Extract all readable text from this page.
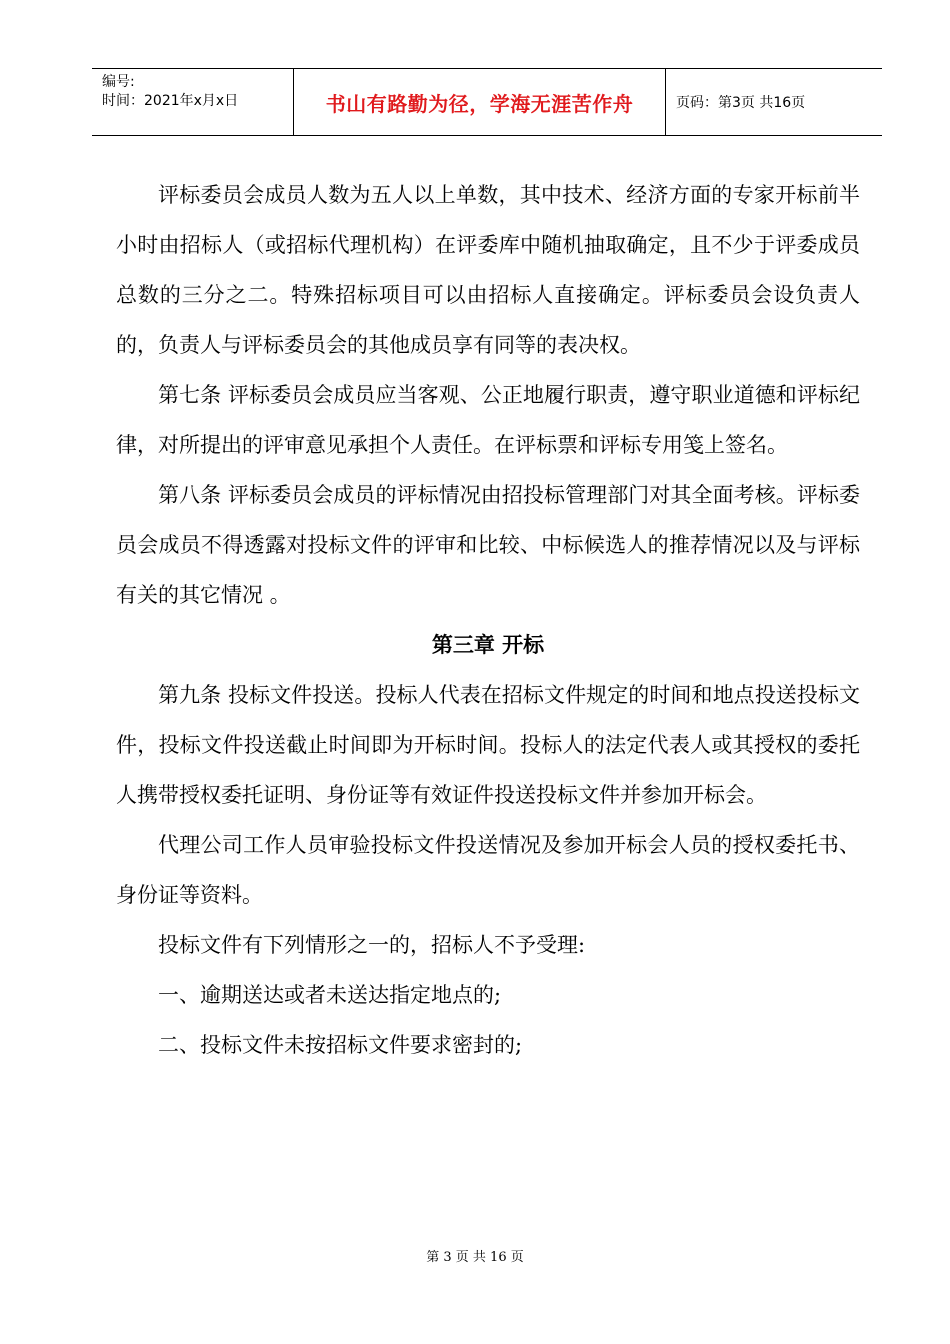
编号:
时间：2021年x月x日	书山有路勤为径，学海无涯苦作舟	页码：第3页 共16页

评标委员会成员人数为五人以上单数，其中技术、经济方面的专家开标前半小时由招标人（或招标代理机构）在评委库中随机抽取确定，且不少于评委成员总数的三分之二。特殊招标项目可以由招标人直接确定。评标委员会设负责人的，负责人与评标委员会的其他成员享有同等的表决权。

第七条 评标委员会成员应当客观、公正地履行职责，遵守职业道德和评标纪律，对所提出的评审意见承担个人责任。在评标票和评标专用笺上签名。

第八条 评标委员会成员的评标情况由招投标管理部门对其全面考核。评标委员会成员不得透露对投标文件的评审和比较、中标候选人的推荐情况以及与评标有关的其它情况 。

第三章 开标

第九条 投标文件投送。投标人代表在招标文件规定的时间和地点投送投标文件，投标文件投送截止时间即为开标时间。投标人的法定代表人或其授权的委托人携带授权委托证明、身份证等有效证件投送投标文件并参加开标会。

代理公司工作人员审验投标文件投送情况及参加开标会人员的授权委托书、身份证等资料。

投标文件有下列情形之一的，招标人不予受理:

一、逾期送达或者未送达指定地点的;

二、投标文件未按招标文件要求密封的;

第 3 页 共 16 页
